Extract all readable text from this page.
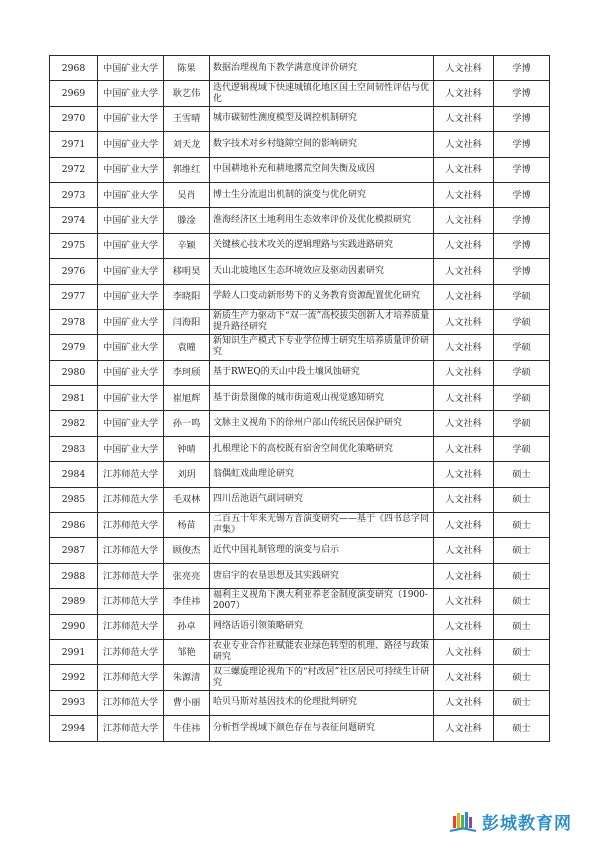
2968	中国矿业大学	陈果	数据治理视角下教学满意度评价研究	人文社科	学博
2969	中国矿业大学	耿艺伟	迭代逻辑视域下快速城镇化地区国土空间韧性评估与优化	人文社科	学博
2970	中国矿业大学	王雪晴	城市碳韧性测度模型及调控机制研究	人文社科	学博
2971	中国矿业大学	刘天龙	数字技术对乡村缝隙空间的影响研究	人文社科	学博
2972	中国矿业大学	郭维红	中国耕地补充和耕地撂荒空间失衡及成因	人文社科	学博
2973	中国矿业大学	吴肖	博士生分流退出机制的演变与优化研究	人文社科	学博
2974	中国矿业大学	滕淦	淮海经济区土地利用生态效率评价及优化模拟研究	人文社科	学博
2975	中国矿业大学	辛颖	关键核心技术攻关的逻辑理路与实践进路研究	人文社科	学博
2976	中国矿业大学	移明昊	天山北坡地区生态环境效应及驱动因素研究	人文社科	学博
2977	中国矿业大学	李晓阳	学龄人口变动新形势下的义务教育资源配置优化研究	人文社科	学硕
2978	中国矿业大学	闫海阳	新质生产力驱动下“双一流”高校拔尖创新人才培养质量提升路径研究	人文社科	学硕
2979	中国矿业大学	袁曈	新知识生产模式下专业学位博士研究生培养质量评价研究	人文社科	学硕
2980	中国矿业大学	李珂颀	基于RWEQ的天山中段土壤风蚀研究	人文社科	学硕
2981	中国矿业大学	崔旭辉	基于街景图像的城市街道观山视觉感知研究	人文社科	学硕
2982	中国矿业大学	孙一鸣	文脉主义视角下的徐州户部山传统民居保护研究	人文社科	学硕
2983	中国矿业大学	钟晴	扎根理论下的高校既有宿舍空间优化策略研究	人文社科	学硕
2984	江苏师范大学	刘玥	翁偶虹戏曲理论研究	人文社科	硕士
2985	江苏师范大学	毛双林	四川岳池语气副词研究	人文社科	硕士
2986	江苏师范大学	杨苗	二百五十年来无锡方音演变研究——基于《四书总字同声集》	人文社科	硕士
2987	江苏师范大学	顾俊杰	近代中国礼制管理的演变与启示	人文社科	硕士
2988	江苏师范大学	张亮亮	唐启宇的农垦思想及其实践研究	人文社科	硕士
2989	江苏师范大学	李佳祎	福利主义视角下澳大利亚养老金制度演变研究（1900-2007）	人文社科	硕士
2990	江苏师范大学	孙卓	网络话语引领策略研究	人文社科	硕士
2991	江苏师范大学	邹艳	农业专业合作社赋能农业绿色转型的机理、路径与政策研究	人文社科	硕士
2992	江苏师范大学	朱源清	双三螺旋理论视角下的“村改居”社区居民可持续生计研究	人文社科	硕士
2993	江苏师范大学	曹小丽	哈贝马斯对基因技术的伦理批判研究	人文社科	硕士
2994	江苏师范大学	牛佳祎	分析哲学视域下颜色存在与表征问题研究	人文社科	硕士
彭城教育网
